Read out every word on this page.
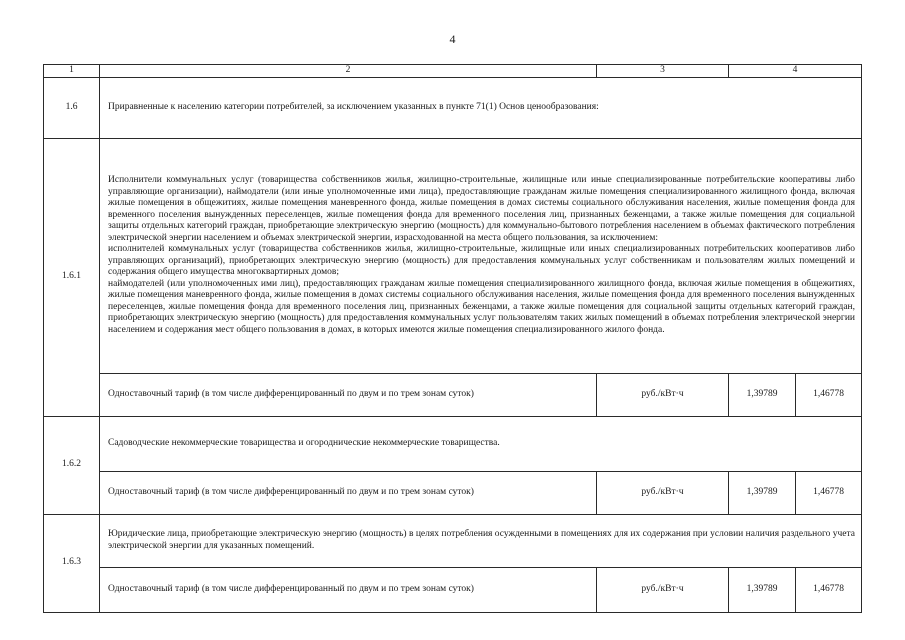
4
1	2	3	4	
1.6	Приравненные к населению категории потребителей, за исключением указанных в пункте 71(1) Основ ценообразования:			
1.6.1	Исполнители коммунальных услуг (товарищества собственников жилья, жилищно-строительные, жилищные или иные специализированные потребительские кооперативы либо управляющие организации), наймодатели (или иные уполномоченные ими лица), предоставляющие гражданам жилые помещения специализированного жилищного фонда, включая жилые помещения в общежитиях, жилые помещения маневренного фонда, жилые помещения в домах системы социального обслуживания населения, жилые помещения фонда для временного поселения вынужденных переселенцев, жилые помещения фонда для временного поселения лиц, признанных беженцами, а также жилые помещения для социальной защиты отдельных категорий граждан, приобретающие электрическую энергию (мощность) для коммунально-бытового потребления населением в объемах фактического потребления электрической энергии населением и объемах электрической энергии, израсходованной на места общего пользования, за исключением:
исполнителей коммунальных услуг (товарищества собственников жилья, жилищно-строительные, жилищные или иных специализированных потребительских кооперативов либо управляющих организаций), приобретающих электрическую энергию (мощность) для предоставления коммунальных услуг собственникам и пользователям жилых помещений и содержания общего имущества многоквартирных домов;
наймодателей (или уполномоченных ими лиц), предоставляющих гражданам жилые помещения специализированного жилищного фонда, включая жилые помещения в общежитиях, жилые помещения маневренного фонда, жилые помещения в домах системы социального обслуживания населения, жилые помещения фонда для временного поселения вынужденных переселенцев, жилые помещения фонда для временного поселения лиц, признанных беженцами, а также жилые помещения для социальной защиты отдельных категорий граждан, приобретающих электрическую энергию (мощность) для предоставления коммунальных услуг пользователям таких жилых помещений в объемах потребления электрической энергии населением и содержания мест общего пользования в домах, в которых имеются жилые помещения специализированного жилого фонда.			

	Одноставочный тариф (в том числе дифференцированный по двум и по трем зонам суток)	руб./кВт·ч	1,39789	1,46778
1.6.2	Садоводческие некоммерческие товарищества и огороднические некоммерческие товарищества.			
	Одноставочный тариф (в том числе дифференцированный по двум и по трем зонам суток)	руб./кВт·ч	1,39789	1,46778
1.6.3	Юридические лица, приобретающие электрическую энергию (мощность) в целях потребления осужденными в помещениях для их содержания при условии наличия раздельного учета электрической энергии для указанных помещений.			
	Одноставочный тариф (в том числе дифференцированный по двум и по трем зонам суток)	руб./кВт·ч	1,39789	1,46778
